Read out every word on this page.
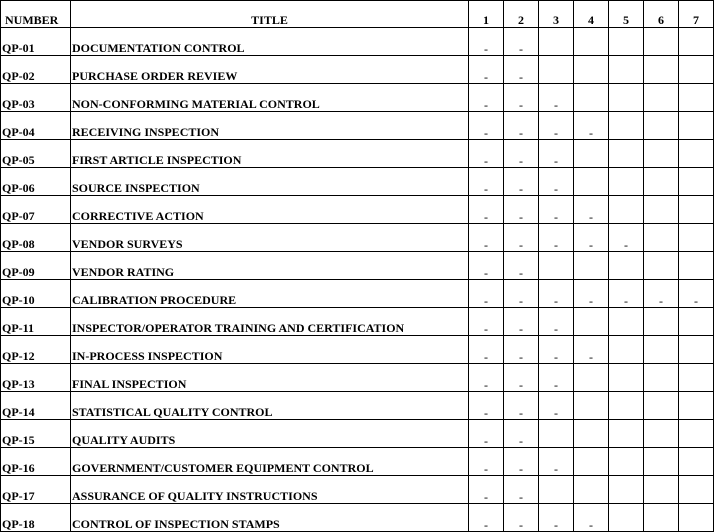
NUMBER	TITLE	1	2	3	4	5	6	7
QP-01	DOCUMENTATION CONTROL	-	-					
QP-02	PURCHASE ORDER REVIEW	-	-					
QP-03	NON-CONFORMING MATERIAL CONTROL	-	-	-				
QP-04	RECEIVING INSPECTION	-	-	-	-			
QP-05	FIRST ARTICLE INSPECTION	-	-	-				
QP-06	SOURCE INSPECTION	-	-	-				
QP-07	CORRECTIVE ACTION	-	-	-	-			
QP-08	VENDOR SURVEYS	-	-	-	-	-		
QP-09	VENDOR RATING	-	-					
QP-10	CALIBRATION PROCEDURE	-	-	-	-	-	-	-
QP-11	INSPECTOR/OPERATOR TRAINING AND CERTIFICATION	-	-	-				
QP-12	IN-PROCESS INSPECTION	-	-	-	-			
QP-13	FINAL INSPECTION	-	-	-				
QP-14	STATISTICAL QUALITY CONTROL	-	-	-				
QP-15	QUALITY AUDITS	-	-					
QP-16	GOVERNMENT/CUSTOMER EQUIPMENT CONTROL	-	-	-				
QP-17	ASSURANCE OF QUALITY INSTRUCTIONS	-	-					
QP-18	CONTROL OF INSPECTION STAMPS	-	-	-	-			
